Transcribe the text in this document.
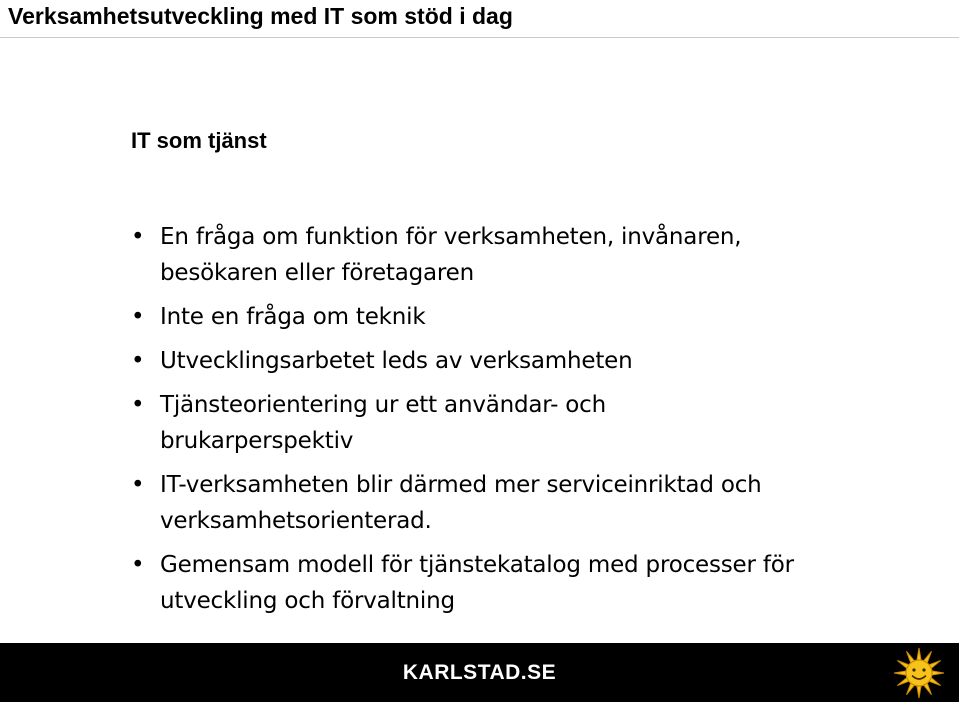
Verksamhetsutveckling med IT som stöd i dag
IT som tjänst
• En fråga om funktion för verksamheten, invånaren,
besökaren eller företagaren
• Inte en fråga om teknik
• Utvecklingsarbetet leds av verksamheten
• Tjänsteorientering ur ett användar- och
brukarperspektiv
• IT-verksamheten blir därmed mer serviceinriktad och
verksamhetsorienterad.
• Gemensam modell för tjänstekatalog med processer för
utveckling och förvaltning
KARLSTAD.SE
